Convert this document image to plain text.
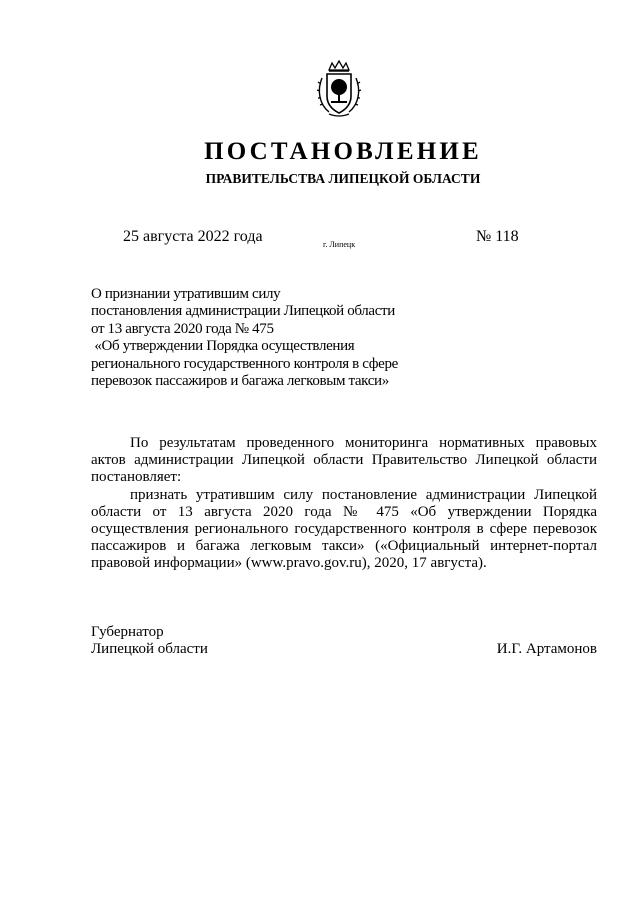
ПОСТАНОВЛЕНИЕ
ПРАВИТЕЛЬСТВА ЛИПЕЦКОЙ ОБЛАСТИ
25 августа 2022 года	г. Липецк	№ 118
О признании утратившим силу
постановления администрации Липецкой области
от 13 августа 2020 года № 475
«Об утверждении Порядка осуществления
регионального государственного контроля в сфере
перевозок пассажиров и багажа легковым такси»

По результатам проведенного мониторинга нормативных правовых актов администрации Липецкой области Правительство Липецкой области постановляет:

признать утратившим силу постановление администрации Липецкой области от 13 августа 2020 года № 475 «Об утверждении Порядка осуществления регионального государственного контроля в сфере перевозок пассажиров и багажа легковым такси» («Официальный интернет-портал правовой информации» (www.pravo.gov.ru), 2020, 17 августа).

Губернатор
Липецкой области	И.Г. Артамонов
